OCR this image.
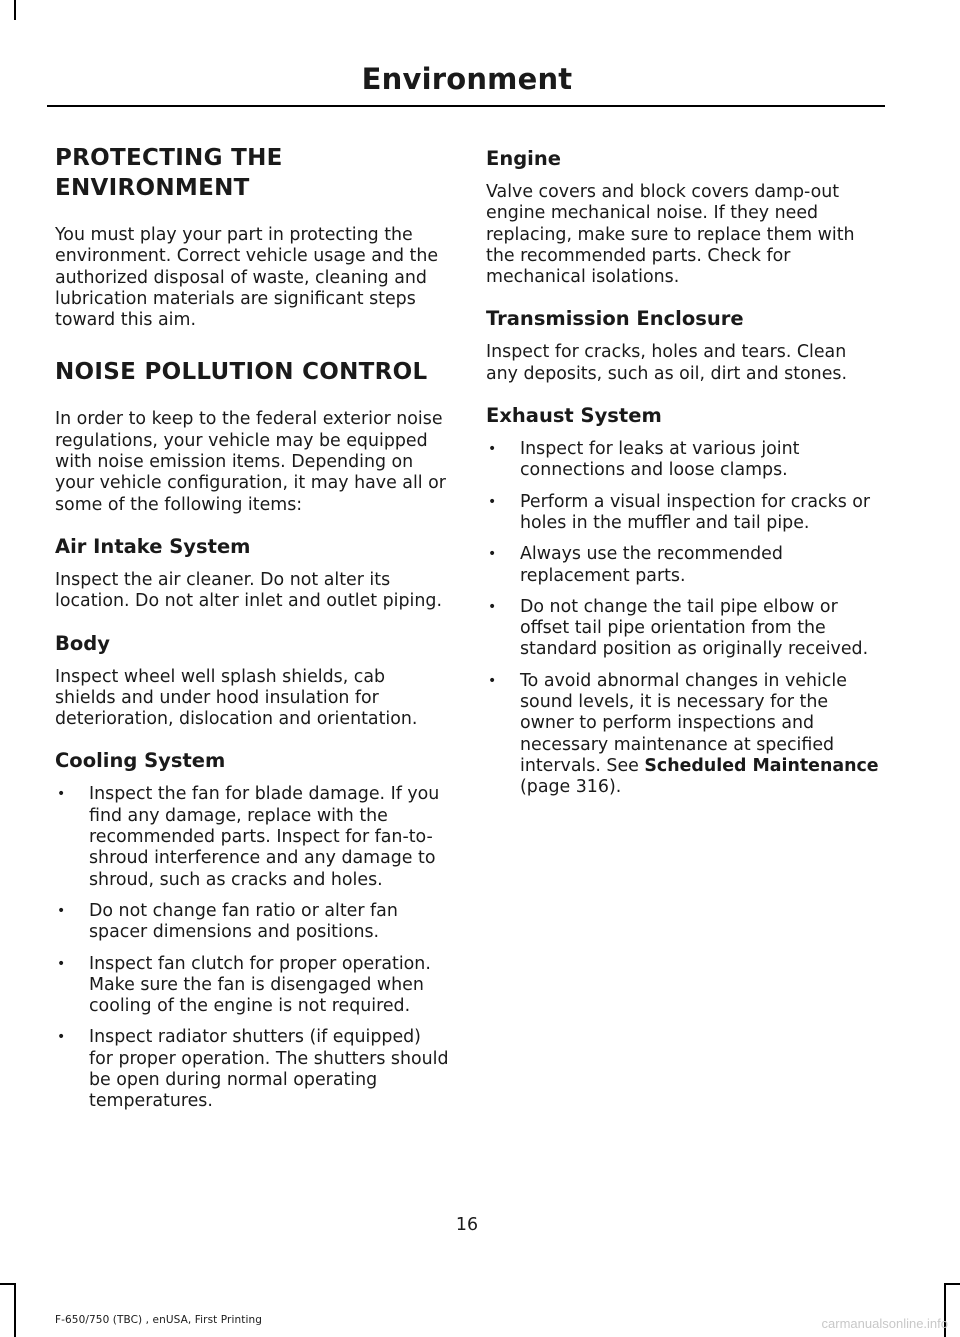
Environment
PROTECTING THE ENVIRONMENT

You must play your part in protecting the environment. Correct vehicle usage and the authorized disposal of waste, cleaning and lubrication materials are significant steps toward this aim.

NOISE POLLUTION CONTROL

In order to keep to the federal exterior noise regulations, your vehicle may be equipped with noise emission items. Depending on your vehicle configuration, it may have all or some of the following items:

Air Intake System

Inspect the air cleaner. Do not alter its location. Do not alter inlet and outlet piping.

Body

Inspect wheel well splash shields, cab shields and under hood insulation for deterioration, dislocation and orientation.

Cooling System
• Inspect the fan for blade damage. If you find any damage, replace with the recommended parts. Inspect for fan-to-shroud interference and any damage to shroud, such as cracks and holes.
• Do not change fan ratio or alter fan spacer dimensions and positions.
• Inspect fan clutch for proper operation. Make sure the fan is disengaged when cooling of the engine is not required.
• Inspect radiator shutters (if equipped) for proper operation. The shutters should be open during normal operating temperatures.
Engine

Valve covers and block covers damp-out engine mechanical noise. If they need replacing, make sure to replace them with the recommended parts. Check for mechanical isolations.

Transmission Enclosure

Inspect for cracks, holes and tears. Clean any deposits, such as oil, dirt and stones.

Exhaust System
• Inspect for leaks at various joint connections and loose clamps.
• Perform a visual inspection for cracks or holes in the muffler and tail pipe.
• Always use the recommended replacement parts.
• Do not change the tail pipe elbow or offset tail pipe orientation from the standard position as originally received.
• To avoid abnormal changes in vehicle sound levels, it is necessary for the owner to perform inspections and necessary maintenance at specified intervals. See Scheduled Maintenance (page 316).
16
F-650/750 (TBC) , enUSA, First Printing	carmanualsonline.info
